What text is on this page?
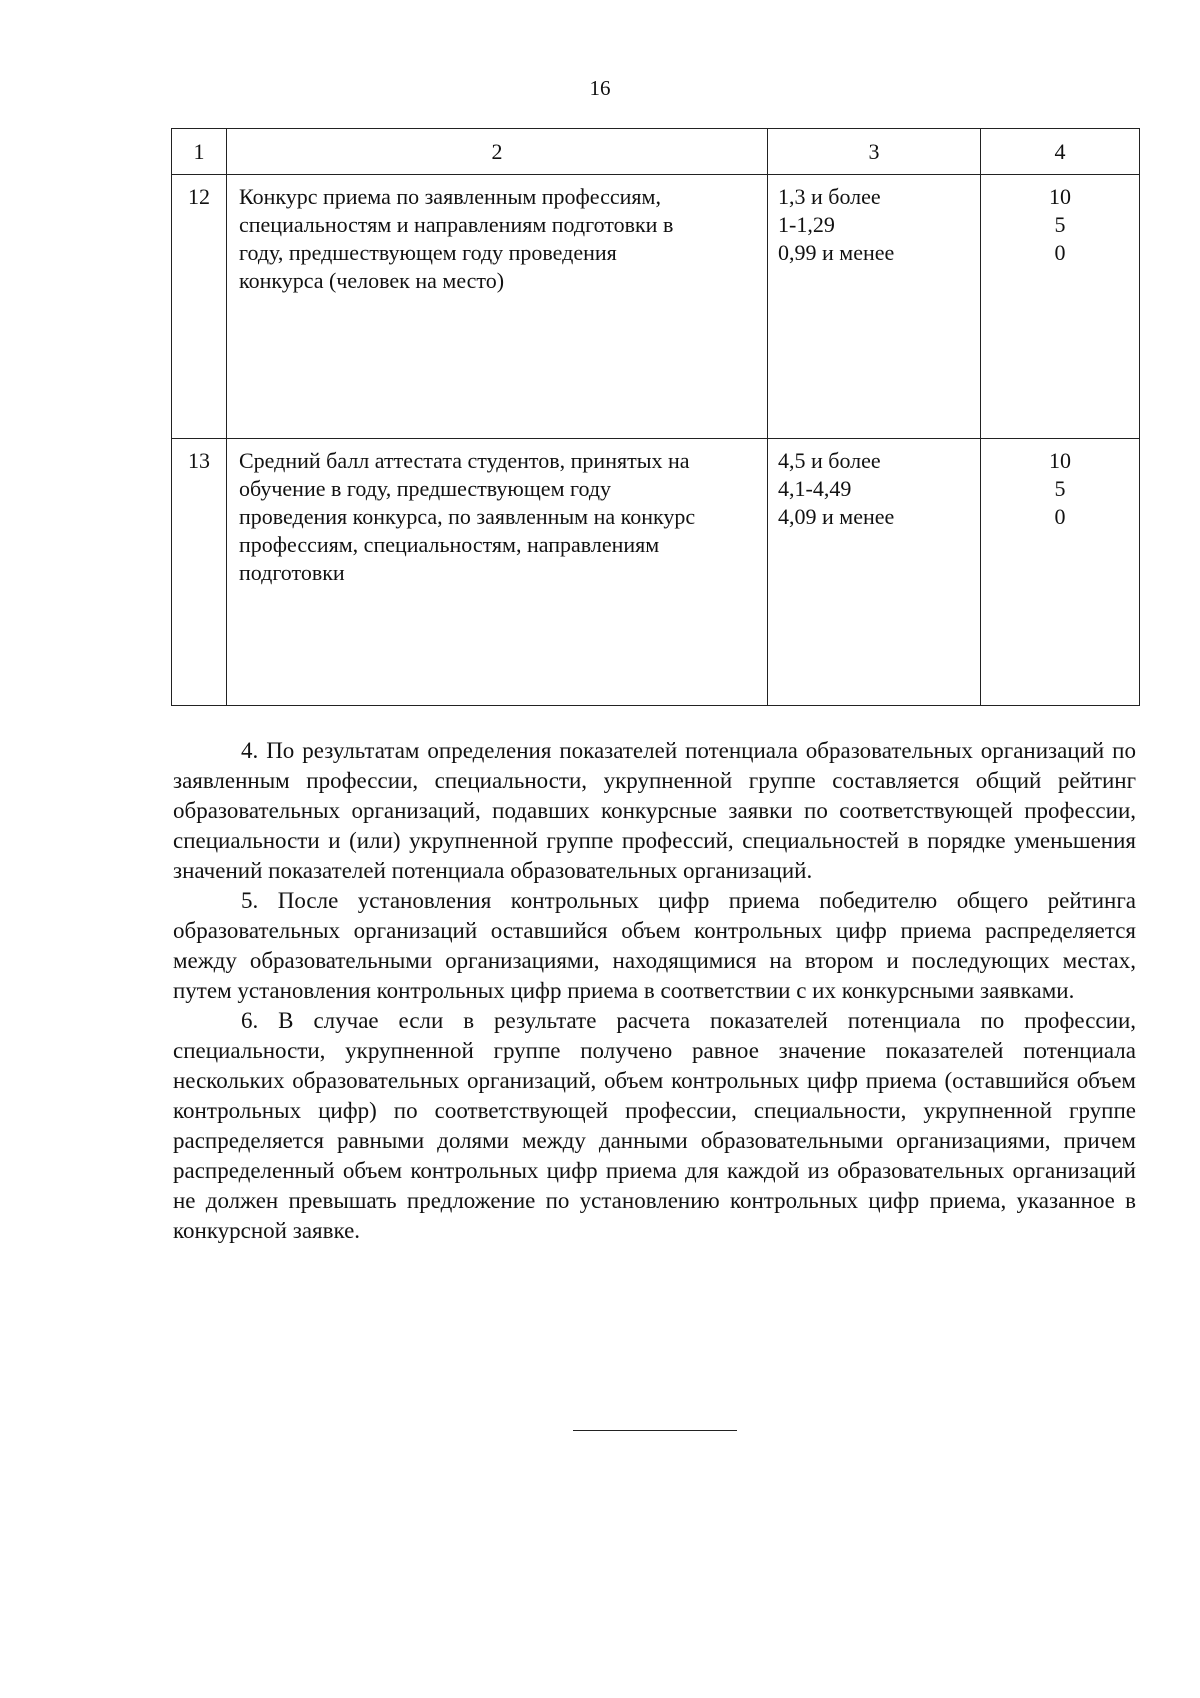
16
1	2	3	4

12	Конкурс приема по заявленным профессиям,
специальностям и направлениям подготовки в
году, предшествующем году проведения
конкурса (человек на место)	1,3 и более
1-1,29
0,99 и менее	10
5
0

13	Средний балл аттестата студентов, принятых на
обучение в году, предшествующем году
проведения конкурса, по заявленным на конкурс
профессиям, специальностям, направлениям
подготовки	4,5 и более
4,1-4,49
4,09 и менее	10
5
0

4. По результатам определения показателей потенциала образовательных организаций по заявленным профессии, специальности, укрупненной группе составляется общий рейтинг образовательных организаций, подавших конкурсные заявки по соответствующей профессии, специальности и (или) укрупненной группе профессий, специальностей в порядке уменьшения значений показателей потенциала образовательных организаций.

5. После установления контрольных цифр приема победителю общего рейтинга образовательных организаций оставшийся объем контрольных цифр приема распределяется между образовательными организациями, находящимися на втором и последующих местах, путем установления контрольных цифр приема в соответствии с их конкурсными заявками.

6. В случае если в результате расчета показателей потенциала по профессии, специальности, укрупненной группе получено равное значение показателей потенциала нескольких образовательных организаций, объем контрольных цифр приема (оставшийся объем контрольных цифр) по соответствующей профессии, специальности, укрупненной группе распределяется равными долями между данными образовательными организациями, причем распределенный объем контрольных цифр приема для каждой из образовательных организаций не должен превышать предложение по установлению контрольных цифр приема, указанное в конкурсной заявке.
